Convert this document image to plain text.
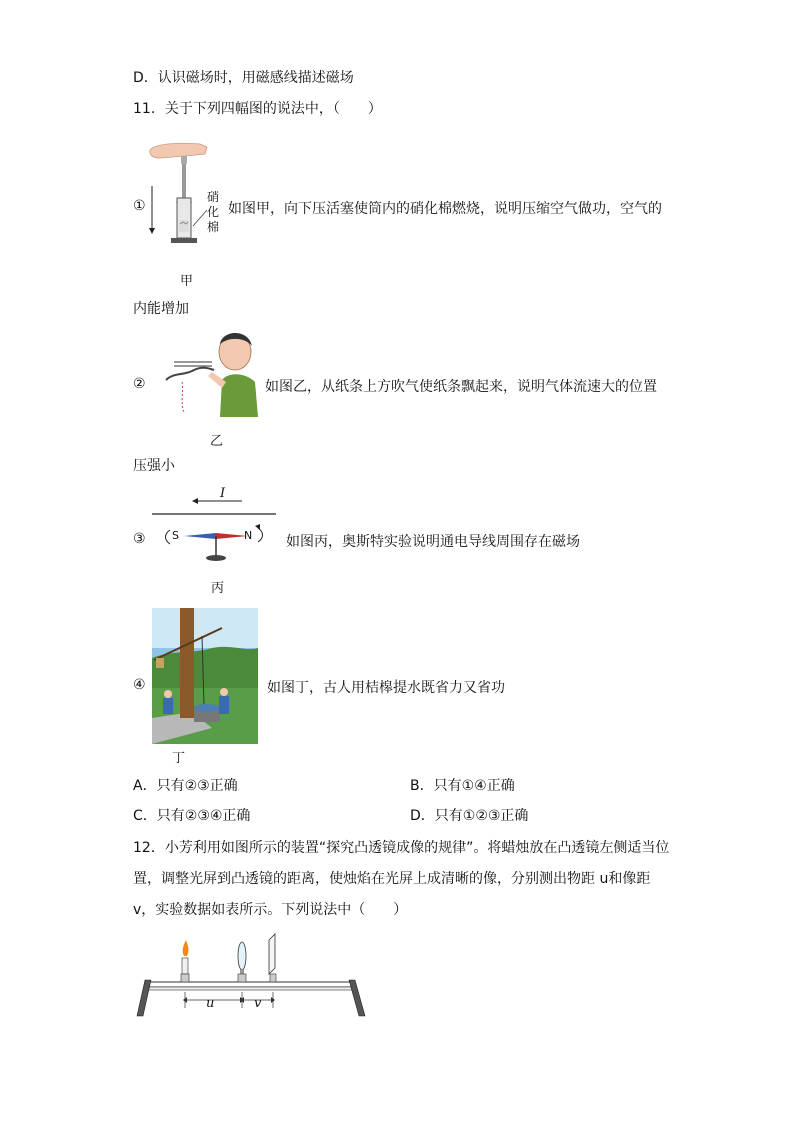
D．认识磁场时，用磁感线描述磁场
11．关于下列四幅图的说法中，（　　）
①
硝化棉
如图甲，向下压活塞使筒内的硝化棉燃烧，说明压缩空气做功，空气的
甲
内能增加
②	如图乙，从纸条上方吹气使纸条飘起来，说明气体流速大的位置
乙
压强小
③
I
S	N 如图丙，奥斯特实验说明通电导线周围存在磁场
丙
④	如图丁，古人用桔槔提水既省力又省功
丁
A．只有②③正确	B．只有①④正确
C．只有②③④正确	D．只有①②③正确
12．小芳利用如图所示的装置“探究凸透镜成像的规律”。将蜡烛放在凸透镜左侧适当位
置，调整光屏到凸透镜的距离，使烛焰在光屏上成清晰的像，分别测出物距 u和像距
v，实验数据如表所示。下列说法中（　　）
u	v
